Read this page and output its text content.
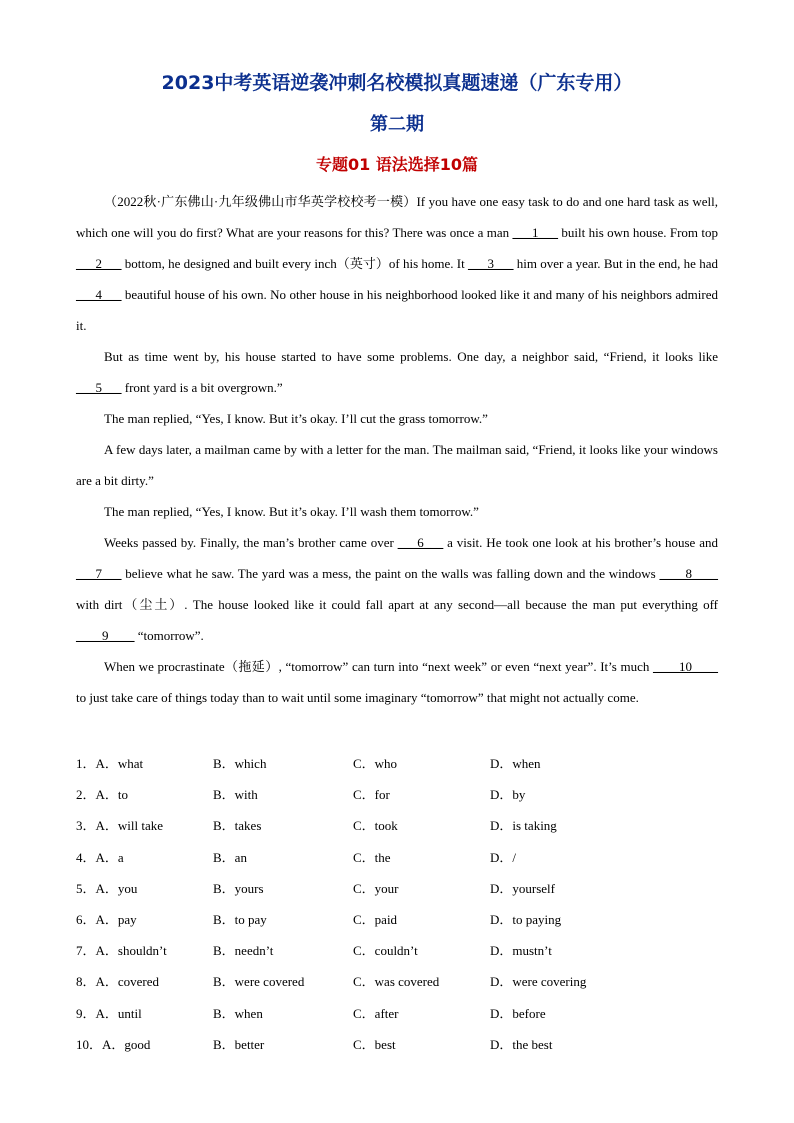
2023中考英语逆袭冲刺名校模拟真题速递（广东专用）
第二期
专题01 语法选择10篇

（2022秋·广东佛山·九年级佛山市华英学校校考一模）If you have one easy task to do and one hard task as well, which one will you do first? What are your reasons for this? There was once a man ___1___ built his own house. From top ___2___ bottom, he designed and built every inch（英寸）of his home. It ___3___ him over a year. But in the end, he had ___4___ beautiful house of his own. No other house in his neighborhood looked like it and many of his neighbors admired it.

But as time went by, his house started to have some problems. One day, a neighbor said, “Friend, it looks like ___5___ front yard is a bit overgrown.”

The man replied, “Yes, I know. But it’s okay. I’ll cut the grass tomorrow.”

A few days later, a mailman came by with a letter for the man. The mailman said, “Friend, it looks like your windows are a bit dirty.”

The man replied, “Yes, I know. But it’s okay. I’ll wash them tomorrow.”

Weeks passed by. Finally, the man’s brother came over ___6___ a visit. He took one look at his brother’s house and ___7___ believe what he saw. The yard was a mess, the paint on the walls was falling down and the windows ____8____ with dirt（尘土）. The house looked like it could fall apart at any second—all because the man put everything off ____9____ “tomorrow”.

When we procrastinate（拖延）, “tomorrow” can turn into “next week” or even “next year”. It’s much ____10____ to just take care of things today than to wait until some imaginary “tomorrow” that might not actually come.

1．A．what	B．which	C．who	D．when
2．A．to	B．with	C．for	D．by
3．A．will take	B．takes	C．took	D．is taking
4．A．a	B．an	C．the	D．/
5．A．you	B．yours	C．your	D．yourself
6．A．pay	B．to pay	C．paid	D．to paying
7．A．shouldn’t	B．needn’t	C．couldn’t	D．mustn’t
8．A．covered	B．were covered	C．was covered	D．were covering
9．A．until	B．when	C．after	D．before
10．A．good	B．better	C．best	D．the best
